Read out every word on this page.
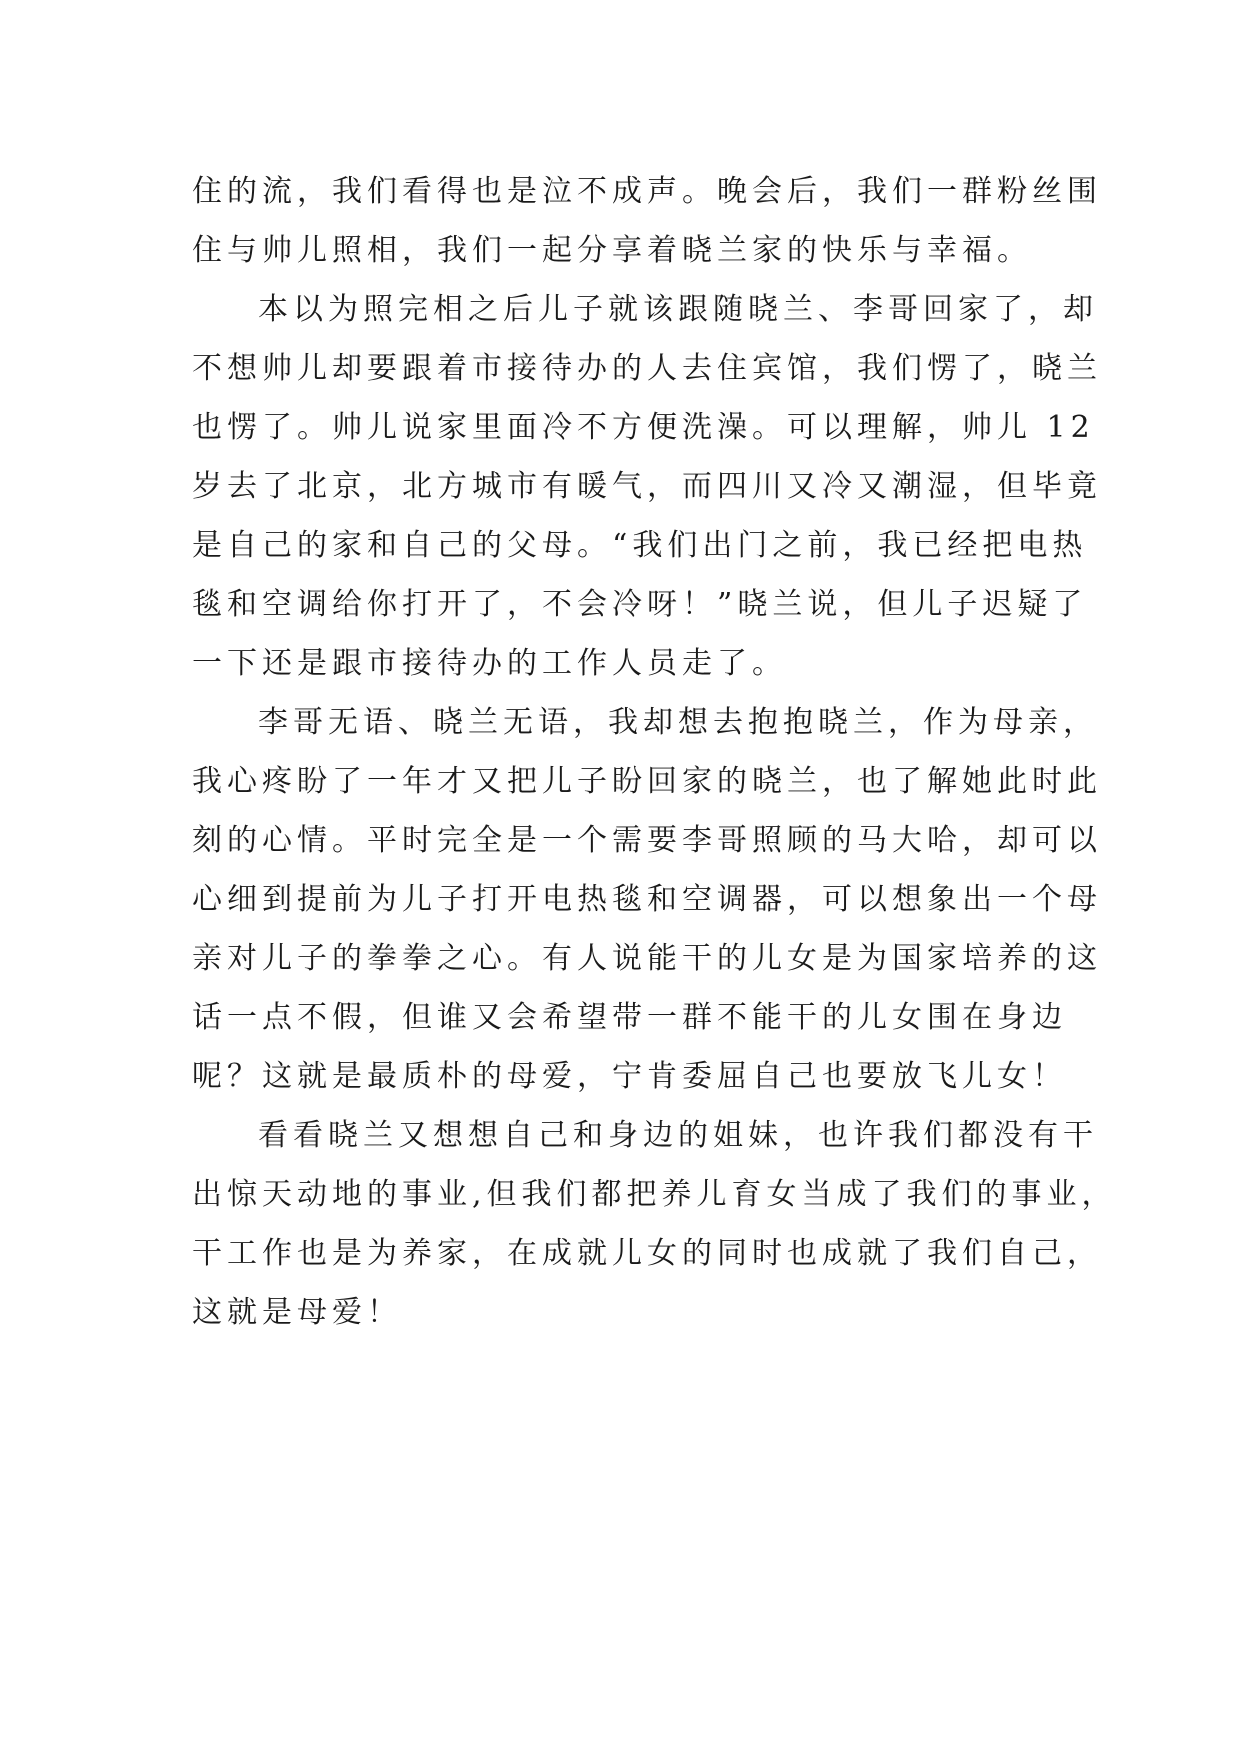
住的流，我们看得也是泣不成声。晚会后，我们一群粉丝围
住与帅儿照相，我们一起分享着晓兰家的快乐与幸福。
本以为照完相之后儿子就该跟随晓兰、李哥回家了，却
不想帅儿却要跟着市接待办的人去住宾馆，我们愣了，晓兰
也愣了。帅儿说家里面冷不方便洗澡。可以理解，帅儿 12
岁去了北京，北方城市有暖气，而四川又冷又潮湿，但毕竟
是自己的家和自己的父母。“我们出门之前，我已经把电热
毯和空调给你打开了，不会冷呀！”晓兰说，但儿子迟疑了
一下还是跟市接待办的工作人员走了。
李哥无语、晓兰无语，我却想去抱抱晓兰，作为母亲，
我心疼盼了一年才又把儿子盼回家的晓兰，也了解她此时此
刻的心情。平时完全是一个需要李哥照顾的马大哈，却可以
心细到提前为儿子打开电热毯和空调器，可以想象出一个母
亲对儿子的拳拳之心。有人说能干的儿女是为国家培养的这
话一点不假，但谁又会希望带一群不能干的儿女围在身边
呢？这就是最质朴的母爱，宁肯委屈自己也要放飞儿女！
看看晓兰又想想自己和身边的姐妹，也许我们都没有干
出惊天动地的事业,但我们都把养儿育女当成了我们的事业，
干工作也是为养家，在成就儿女的同时也成就了我们自己，
这就是母爱！
